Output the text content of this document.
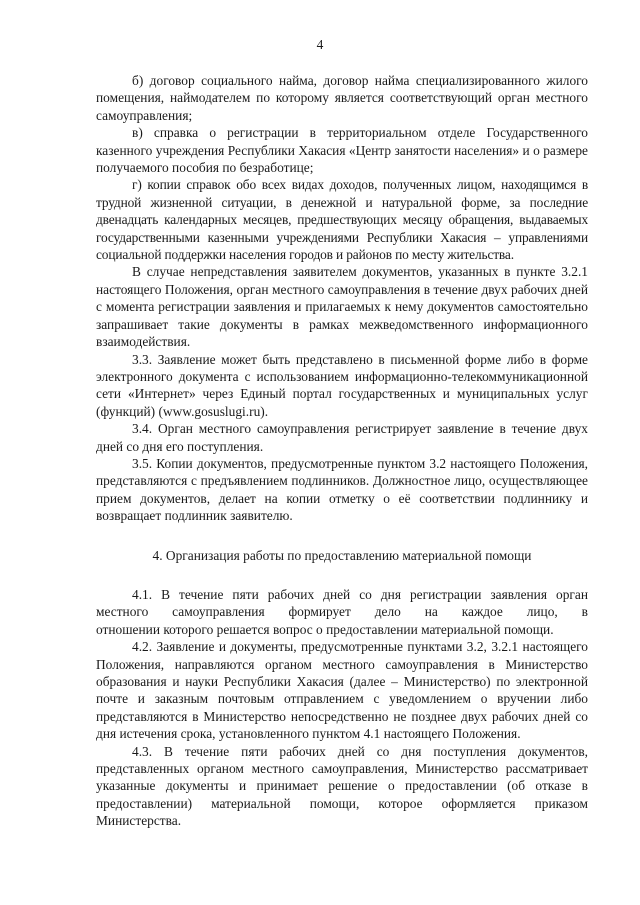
4

б) договор социального найма, договор найма специализированного жилого помещения, наймодателем по которому является соответствующий орган местного самоуправления;

в) справка о регистрации в территориальном отделе Государственного казенного учреждения Республики Хакасия «Центр занятости населения» и о размере получаемого пособия по безработице;

г) копии справок обо всех видах доходов, полученных лицом, находящимся в трудной жизненной ситуации, в денежной и натуральной форме, за последние двенадцать календарных месяцев, предшествующих месяцу обращения, выдаваемых государственными казенными учреждениями Республики Хакасия – управлениями социальной поддержки населения городов и районов по месту жительства.

В случае непредставления заявителем документов, указанных в пункте 3.2.1 настоящего Положения, орган местного самоуправления в течение двух рабочих дней с момента регистрации заявления и прилагаемых к нему документов самостоятельно запрашивает такие документы в рамках межведомственного информационного взаимодействия.

3.3. Заявление может быть представлено в письменной форме либо в форме электронного документа с использованием информационно-телекоммуникационной сети «Интернет» через Единый портал государственных и муниципальных услуг (функций) (www.gosuslugi.ru).

3.4. Орган местного самоуправления регистрирует заявление в течение двух дней со дня его поступления.

3.5. Копии документов, предусмотренные пунктом 3.2 настоящего Положения, представляются с предъявлением подлинников. Должностное лицо, осуществляющее прием документов, делает на копии отметку о её соответствии подлиннику и возвращает подлинник заявителю.

4. Организация работы по предоставлению материальной помощи

4.1. В течение пяти рабочих дней со дня регистрации заявления орган
местного самоуправления формирует дело на каждое лицо, в
отношении которого решается вопрос о предоставлении материальной помощи.

4.2. Заявление и документы, предусмотренные пунктами 3.2, 3.2.1 настоящего Положения, направляются органом местного самоуправления в Министерство образования и науки Республики Хакасия (далее – Министерство) по электронной почте и заказным почтовым отправлением с уведомлением о вручении либо представляются в Министерство непосредственно не позднее двух рабочих дней со дня истечения срока, установленного пунктом 4.1 настоящего Положения.

4.3. В течение пяти рабочих дней со дня поступления документов, представленных органом местного самоуправления, Министерство рассматривает указанные документы и принимает решение о предоставлении (об отказе в предоставлении) материальной помощи, которое оформляется приказом Министерства.
